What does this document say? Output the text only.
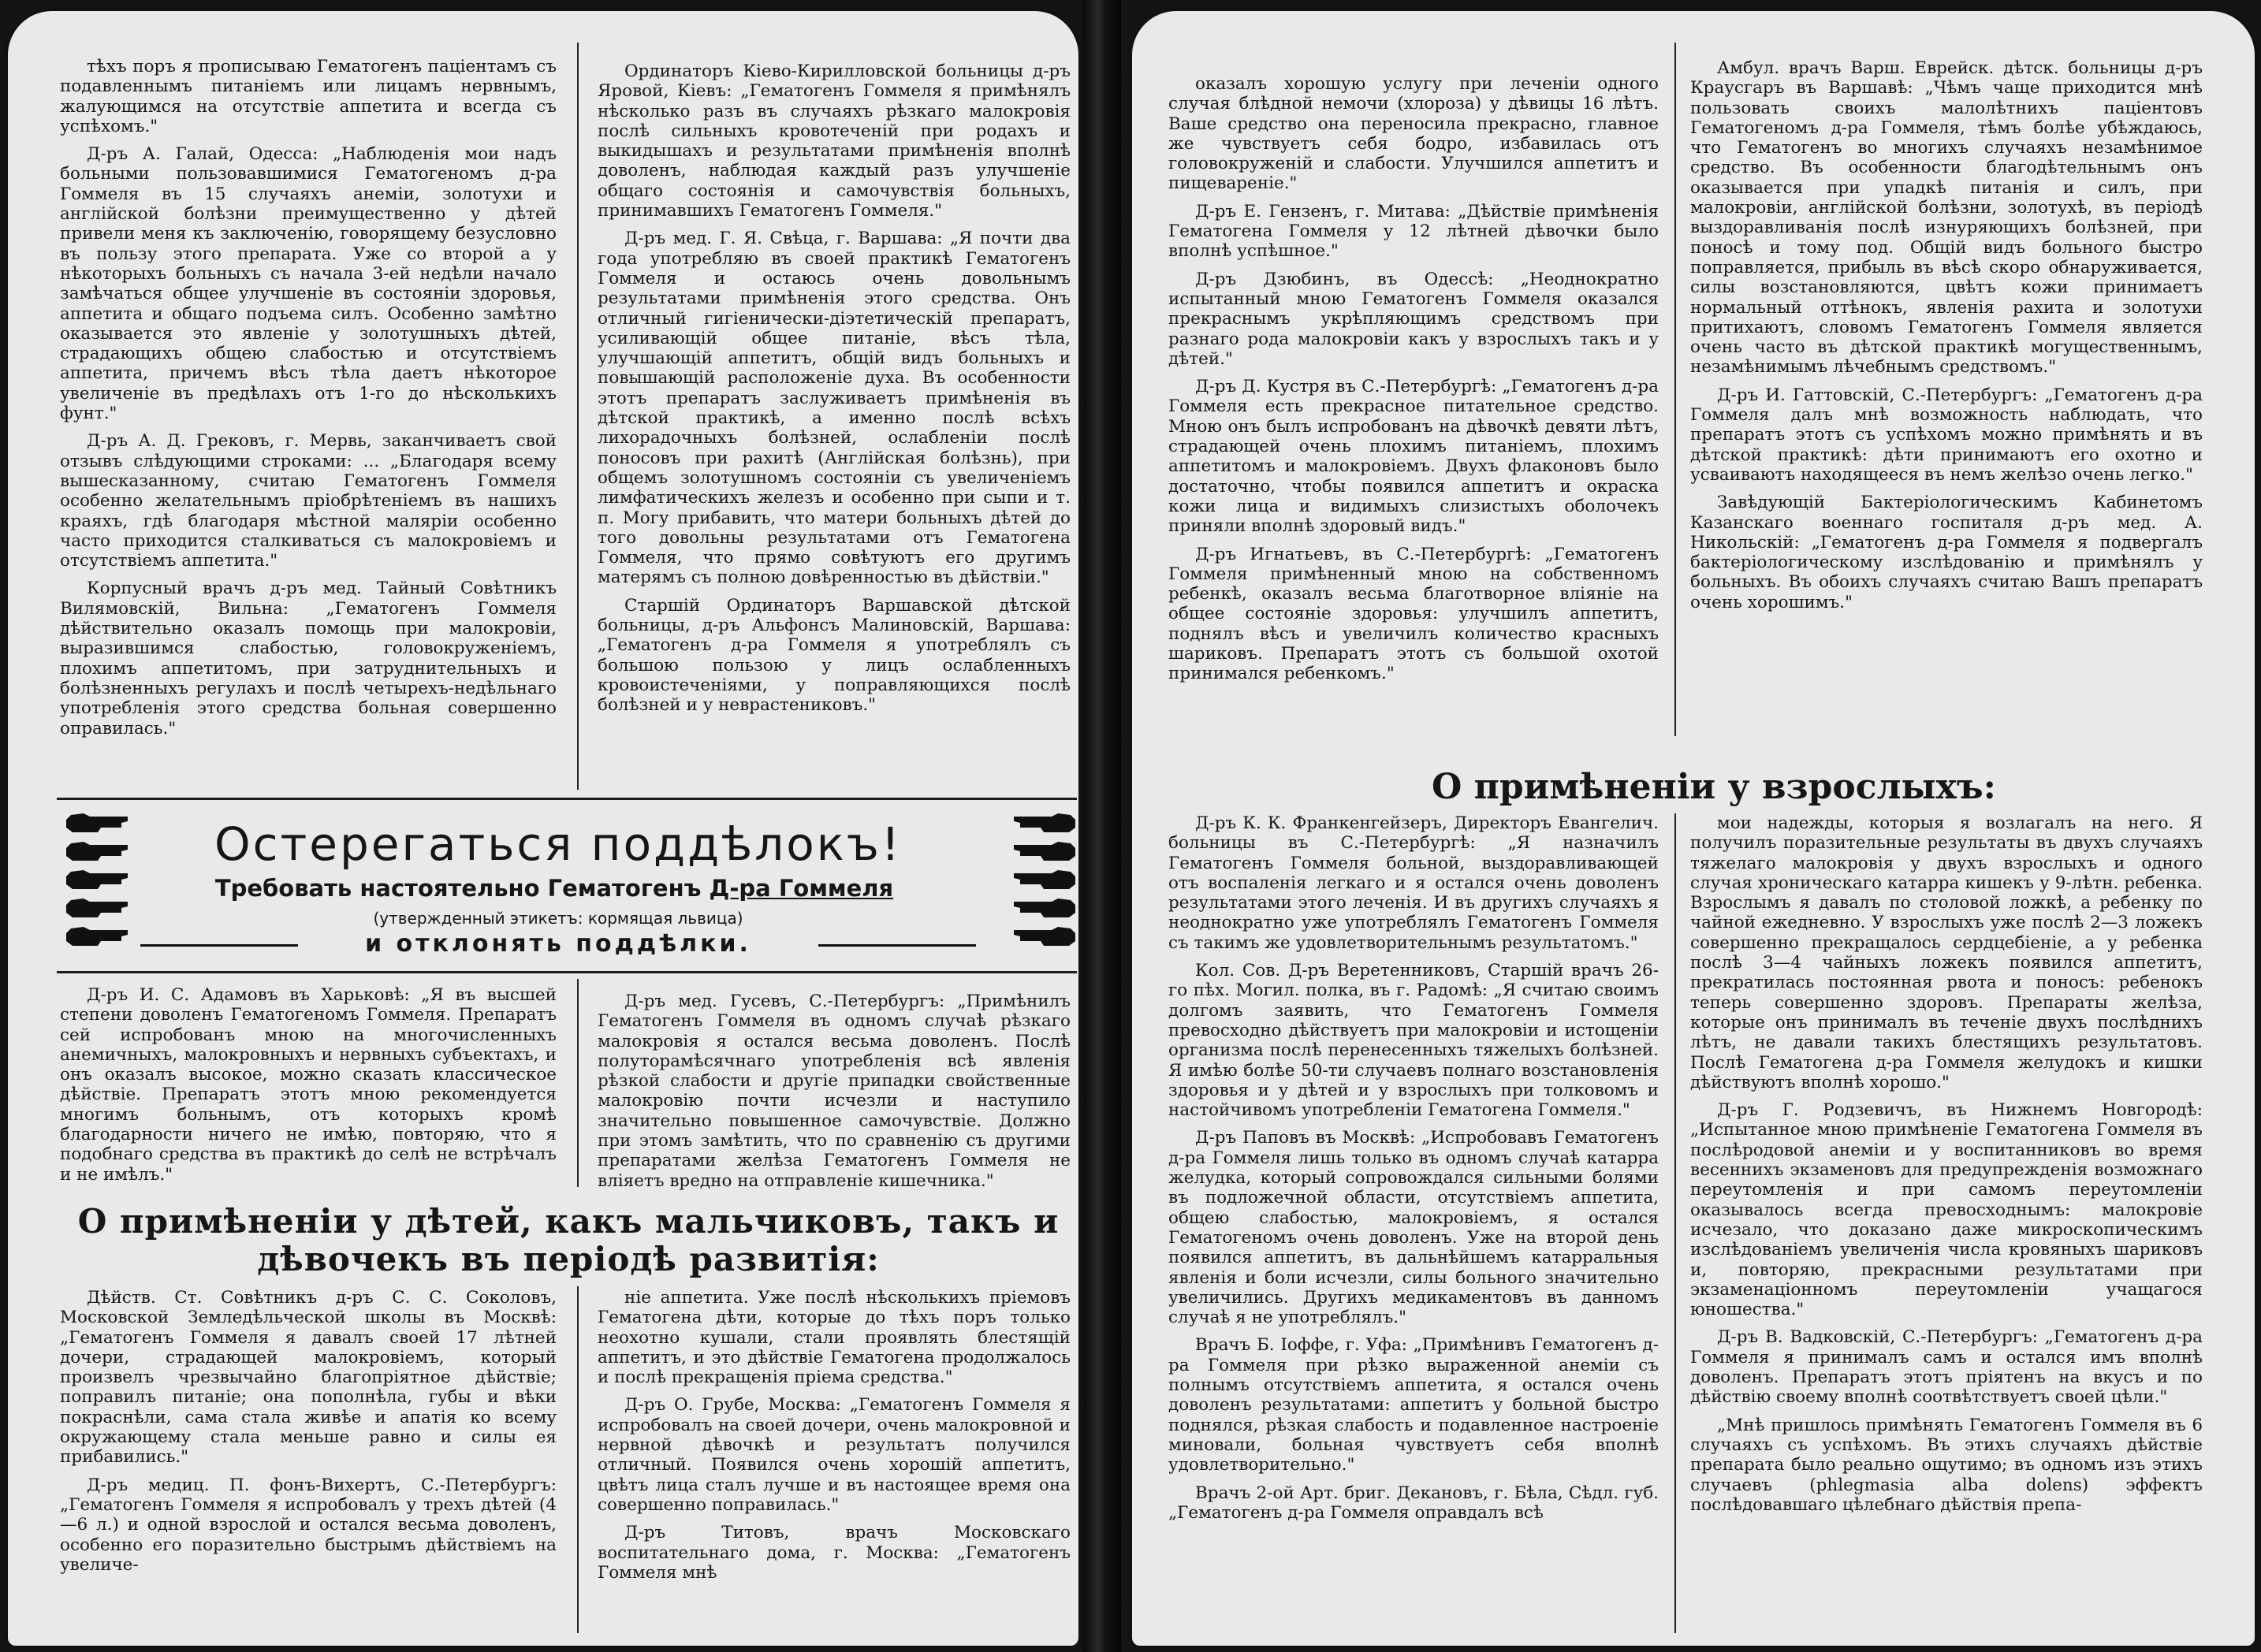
тѣхъ поръ я прописываю Гематогенъ пацiентамъ съ подавленнымъ питанiемъ или лицамъ нервнымъ, жалующимся на отсутствiе аппетита и всегда съ успѣхомъ."

Д-ръ А. Галай, Одесса: „Наблюденiя мои надъ больными пользовавшимися Гематогеномъ д-ра Гоммеля въ 15 случаяхъ анемiи, золотухи и англiйской болѣзни преимущественно у дѣтей привели меня къ заключенiю, говорящему безусловно въ пользу этого препарата. Уже со второй а у нѣкоторыхъ больныхъ съ начала 3-ей недѣли начало замѣчаться общее улучшенiе въ состоянiи здоровья, аппетита и общаго подъема силъ. Особенно замѣтно оказывается это явленiе у золотушныхъ дѣтей, страдающихъ общею слабостью и отсутствiемъ аппетита, причемъ вѣсъ тѣла даетъ нѣкоторое увеличенiе въ предѣлахъ отъ 1-го до нѣсколькихъ фунт."

Д-ръ А. Д. Грековъ, г. Мервь, заканчиваетъ свой отзывъ слѣдующими строками: ... „Благодаря всему вышесказанному, считаю Гематогенъ Гоммеля особенно желательнымъ прiобрѣтенiемъ въ нашихъ краяхъ, гдѣ благодаря мѣстной малярiи особенно часто приходится сталкиваться съ малокровiемъ и отсутствiемъ аппетита."

Корпусный врачъ д-ръ мед. Тайный Совѣтникъ Вилямовскiй, Вильна: „Гематогенъ Гоммеля дѣйствительно оказалъ помощь при малокровiи, выразившимся слабостью, головокруженiемъ, плохимъ аппетитомъ, при затруднительныхъ и болѣзненныхъ регулахъ и послѣ четырехъ-недѣльнаго употребленiя этого средства больная совершенно оправилась."

Ординаторъ Кiево-Кирилловской больницы д-ръ Яровой, Кiевъ: „Гематогенъ Гоммеля я примѣнялъ нѣсколько разъ въ случаяхъ рѣзкаго малокровiя послѣ сильныхъ кровотеченiй при родахъ и выкидышахъ и результатами примѣненiя вполнѣ доволенъ, наблюдая каждый разъ улучшенiе общаго состоянiя и самочувствiя больныхъ, принимавшихъ Гематогенъ Гоммеля."

Д-ръ мед. Г. Я. Свѣца, г. Варшава: „Я почти два года употребляю въ своей практикѣ Гематогенъ Гоммеля и остаюсь очень довольнымъ результатами примѣненiя этого средства. Онъ отличный гигiенически-дiэтетическiй препаратъ, усиливающiй общее питанiе, вѣсъ тѣла, улучшающiй аппетитъ, общiй видъ больныхъ и повышающiй расположенiе духа. Въ особенности этотъ препаратъ заслуживаетъ примѣненiя въ дѣтской практикѣ, а именно послѣ всѣхъ лихорадочныхъ болѣзней, ослабленiи послѣ поносовъ при рахитѣ (Англiйская болѣзнь), при общемъ золотушномъ состоянiи съ увеличенiемъ лимфатическихъ железъ и особенно при сыпи и т. п. Могу прибавить, что матери больныхъ дѣтей до того довольны результатами отъ Гематогена Гоммеля, что прямо совѣтуютъ его другимъ матерямъ съ полною довѣренностью въ дѣйствiи."

Старшiй Ординаторъ Варшавской дѣтской больницы, д-ръ Альфонсъ Малиновскiй, Варшава: „Гематогенъ д-ра Гоммеля я употреблялъ съ большою пользою у лицъ ослабленныхъ кровоистеченiями, у поправляющихся послѣ болѣзней и у неврастениковъ."

Остерегаться поддѣлокъ!
Требовать настоятельно Гематогенъ Д-ра Гоммеля
(утвержденный этикетъ: кормящая львица)
и отклонять поддѣлки.

Д-ръ И. С. Адамовъ въ Харьковѣ: „Я въ высшей степени доволенъ Гематогеномъ Гоммеля. Препаратъ сей испробованъ мною на многочисленныхъ анемичныхъ, малокровныхъ и нервныхъ субъектахъ, и онъ оказалъ высокое, можно сказать классическое дѣйствiе. Препаратъ этотъ мною рекомендуется многимъ больнымъ, отъ которыхъ кромѣ благодарности ничего не имѣю, повторяю, что я подобнаго средства въ практикѣ до селѣ не встрѣчалъ и не имѣлъ."

Д-ръ мед. Гусевъ, С.-Петербургъ: „Примѣнилъ Гематогенъ Гоммеля въ одномъ случаѣ рѣзкаго малокровiя я остался весьма доволенъ. Послѣ полуторамѣсячнаго употребленiя всѣ явленiя рѣзкой слабости и другiе припадки свойственные малокровiю почти исчезли и наступило значительно повышенное самочувствiе. Должно при этомъ замѣтить, что по сравненiю съ другими препаратами желѣза Гематогенъ Гоммеля не влiяетъ вредно на отправленiе кишечника."

О примѣненiи у дѣтей, какъ мальчиковъ, такъ и дѣвочекъ въ перiодѣ развитiя:

Дѣйств. Ст. Совѣтникъ д-ръ С. С. Соколовъ, Московской Земледѣльческой школы въ Москвѣ: „Гематогенъ Гоммеля я давалъ своей 17 лѣтней дочери, страдающей малокровiемъ, который произвелъ чрезвычайно благопрiятное дѣйствiе; поправилъ питанiе; она пополнѣла, губы и вѣки покраснѣли, сама стала живѣе и апатiя ко всему окружающему стала меньше равно и силы ея прибавились."

Д-ръ медиц. П. фонъ-Вихертъ, С.-Петербургъ: „Гематогенъ Гоммеля я испробовалъ у трехъ дѣтей (4—6 л.) и одной взрослой и остался весьма доволенъ, особенно его поразительно быстрымъ дѣйствiемъ на увеличе-

нiе аппетита. Уже послѣ нѣсколькихъ прiемовъ Гематогена дѣти, которые до тѣхъ поръ только неохотно кушали, стали проявлять блестящiй аппетитъ, и это дѣйствiе Гематогена продолжалось и послѣ прекращенiя прiема средства."

Д-ръ О. Грубе, Москва: „Гематогенъ Гоммеля я испробовалъ на своей дочери, очень малокровной и нервной дѣвочкѣ и результатъ получился отличный. Появился очень хорошiй аппетитъ, цвѣтъ лица сталъ лучше и въ настоящее время она совершенно поправилась."

Д-ръ Титовъ, врачъ Московскаго воспитательнаго дома, г. Москва: „Гематогенъ Гоммеля мнѣ

оказалъ хорошую услугу при леченiи одного случая блѣдной немочи (хлороза) у дѣвицы 16 лѣтъ. Ваше средство она переносила прекрасно, главное же чувствуетъ себя бодро, избавилась отъ головокруженiй и слабости. Улучшился аппетитъ и пищеваренiе."

Д-ръ Е. Гензенъ, г. Митава: „Дѣйствiе примѣненiя Гематогена Гоммеля у 12 лѣтней дѣвочки было вполнѣ успѣшное."

Д-ръ Дзюбинъ, въ Одессѣ: „Неоднократно испытанный мною Гематогенъ Гоммеля оказался прекраснымъ укрѣпляющимъ средствомъ при разнаго рода малокровiи какъ у взрослыхъ такъ и у дѣтей."

Д-ръ Д. Кустря въ С.-Петербургѣ: „Гематогенъ д-ра Гоммеля есть прекрасное питательное средство. Мною онъ былъ испробованъ на дѣвочкѣ девяти лѣтъ, страдающей очень плохимъ питанiемъ, плохимъ аппетитомъ и малокровiемъ. Двухъ флаконовъ было достаточно, чтобы появился аппетитъ и окраска кожи лица и видимыхъ слизистыхъ оболочекъ приняли вполнѣ здоровый видъ."

Д-ръ Игнатьевъ, въ С.-Петербургѣ: „Гематогенъ Гоммеля примѣненный мною на собственномъ ребенкѣ, оказалъ весьма благотворное влiянiе на общее состоянiе здоровья: улучшилъ аппетитъ, поднялъ вѣсъ и увеличилъ количество красныхъ шариковъ. Препаратъ этотъ съ большой охотой принимался ребенкомъ."

Амбул. врачъ Варш. Еврейск. дѣтск. больницы д-ръ Краусгаръ въ Варшавѣ: „Чѣмъ чаще приходится мнѣ пользовать своихъ малолѣтнихъ пацiентовъ Гематогеномъ д-ра Гоммеля, тѣмъ болѣе убѣждаюсь, что Гематогенъ во многихъ случаяхъ незамѣнимое средство. Въ особенности благодѣтельнымъ онъ оказывается при упадкѣ питанiя и силъ, при малокровiи, англiйской болѣзни, золотухѣ, въ перiодѣ выздоравливанiя послѣ изнуряющихъ болѣзней, при поносѣ и тому под. Общiй видъ больного быстро поправляется, прибыль въ вѣсѣ скоро обнаруживается, силы возстановляются, цвѣтъ кожи принимаетъ нормальный оттѣнокъ, явленiя рахита и золотухи притихаютъ, словомъ Гематогенъ Гоммеля является очень часто въ дѣтской практикѣ могущественнымъ, незамѣнимымъ лѣчебнымъ средствомъ."

Д-ръ И. Гаттовскiй, С.-Петербургъ: „Гематогенъ д-ра Гоммеля далъ мнѣ возможность наблюдать, что препаратъ этотъ съ успѣхомъ можно примѣнять и въ дѣтской практикѣ: дѣти принимаютъ его охотно и усваиваютъ находящееся въ немъ желѣзо очень легко."

Завѣдующiй Бактерiологическимъ Кабинетомъ Казанскаго военнаго госпиталя д-ръ мед. А. Никольскiй: „Гематогенъ д-ра Гоммеля я подвергалъ бактерiологическому изслѣдованiю и примѣнялъ у больныхъ. Въ обоихъ случаяхъ считаю Вашъ препаратъ очень хорошимъ."

О примѣненiи у взрослыхъ:

Д-ръ К. К. Франкенгейзеръ, Директоръ Евангелич. больницы въ С.-Петербургѣ: „Я назначилъ Гематогенъ Гоммеля больной, выздоравливающей отъ воспаленiя легкаго и я остался очень доволенъ результатами этого леченiя. И въ другихъ случаяхъ я неоднократно уже употреблялъ Гематогенъ Гоммеля съ такимъ же удовлетворительнымъ результатомъ."

Кол. Сов. Д-ръ Веретенниковъ, Старшiй врачъ 26-го пѣх. Могил. полка, въ г. Радомѣ: „Я считаю своимъ долгомъ заявить, что Гематогенъ Гоммеля превосходно дѣйствуетъ при малокровiи и истощенiи организма послѣ перенесенныхъ тяжелыхъ болѣзней. Я имѣю болѣе 50-ти случаевъ полнаго возстановленiя здоровья и у дѣтей и у взрослыхъ при толковомъ и настойчивомъ употребленiи Гематогена Гоммеля."

Д-ръ Паповъ въ Москвѣ: „Испробовавъ Гематогенъ д-ра Гоммеля лишь только въ одномъ случаѣ катарра желудка, который сопровождался сильными болями въ подложечной области, отсутствiемъ аппетита, общею слабостью, малокровiемъ, я остался Гематогеномъ очень доволенъ. Уже на второй день появился аппетитъ, въ дальнѣйшемъ катарральныя явленiя и боли исчезли, силы больного значительно увеличились. Другихъ медикаментовъ въ данномъ случаѣ я не употреблялъ."

Врачъ Б. Iоффе, г. Уфа: „Примѣнивъ Гематогенъ д-ра Гоммеля при рѣзко выраженной анемiи съ полнымъ отсутствiемъ аппетита, я остался очень доволенъ результатами: аппетитъ у больной быстро поднялся, рѣзкая слабость и подавленное настроенiе миновали, больная чувствуетъ себя вполнѣ удовлетворительно."

Врачъ 2-ой Арт. бриг. Декановъ, г. Бѣла, Сѣдл. губ. „Гематогенъ д-ра Гоммеля оправдалъ всѣ

мои надежды, которыя я возлагалъ на него. Я получилъ поразительные результаты въ двухъ случаяхъ тяжелаго малокровiя у двухъ взрослыхъ и одного случая хроническаго катарра кишекъ у 9-лѣтн. ребенка. Взрослымъ я давалъ по столовой ложкѣ, а ребенку по чайной ежедневно. У взрослыхъ уже послѣ 2—3 ложекъ совершенно прекращалось сердцебiенiе, а у ребенка послѣ 3—4 чайныхъ ложекъ появился аппетитъ, прекратилась постоянная рвота и поносъ: ребенокъ теперь совершенно здоровъ. Препараты желѣза, которые онъ принималъ въ теченiе двухъ послѣднихъ лѣтъ, не давали такихъ блестящихъ результатовъ. Послѣ Гематогена д-ра Гоммеля желудокъ и кишки дѣйствуютъ вполнѣ хорошо."

Д-ръ Г. Родзевичъ, въ Нижнемъ Новгородѣ: „Испытанное мною примѣненiе Гематогена Гоммеля въ послѣродовой анемiи и у воспитанниковъ во время весеннихъ экзаменовъ для предупрежденiя возможнаго переутомленiя и при самомъ переутомленiи оказывалось всегда превосходнымъ: малокровiе исчезало, что доказано даже микроскопическимъ изслѣдованiемъ увеличенiя числа кровяныхъ шариковъ и, повторяю, прекрасными результатами при экзаменацiонномъ переутомленiи учащагося юношества."

Д-ръ В. Вадковскiй, С.-Петербургъ: „Гематогенъ д-ра Гоммеля я принималъ самъ и остался имъ вполнѣ доволенъ. Препаратъ этотъ прiятенъ на вкусъ и по дѣйствiю своему вполнѣ соотвѣтствуетъ своей цѣли."

„Мнѣ пришлось примѣнять Гематогенъ Гоммеля въ 6 случаяхъ съ успѣхомъ. Въ этихъ случаяхъ дѣйствiе препарата было реально ощутимо; въ одномъ изъ этихъ случаевъ (phlegmasia alba dolens) эффектъ послѣдовавшаго цѣлебнаго дѣйствiя препа-
